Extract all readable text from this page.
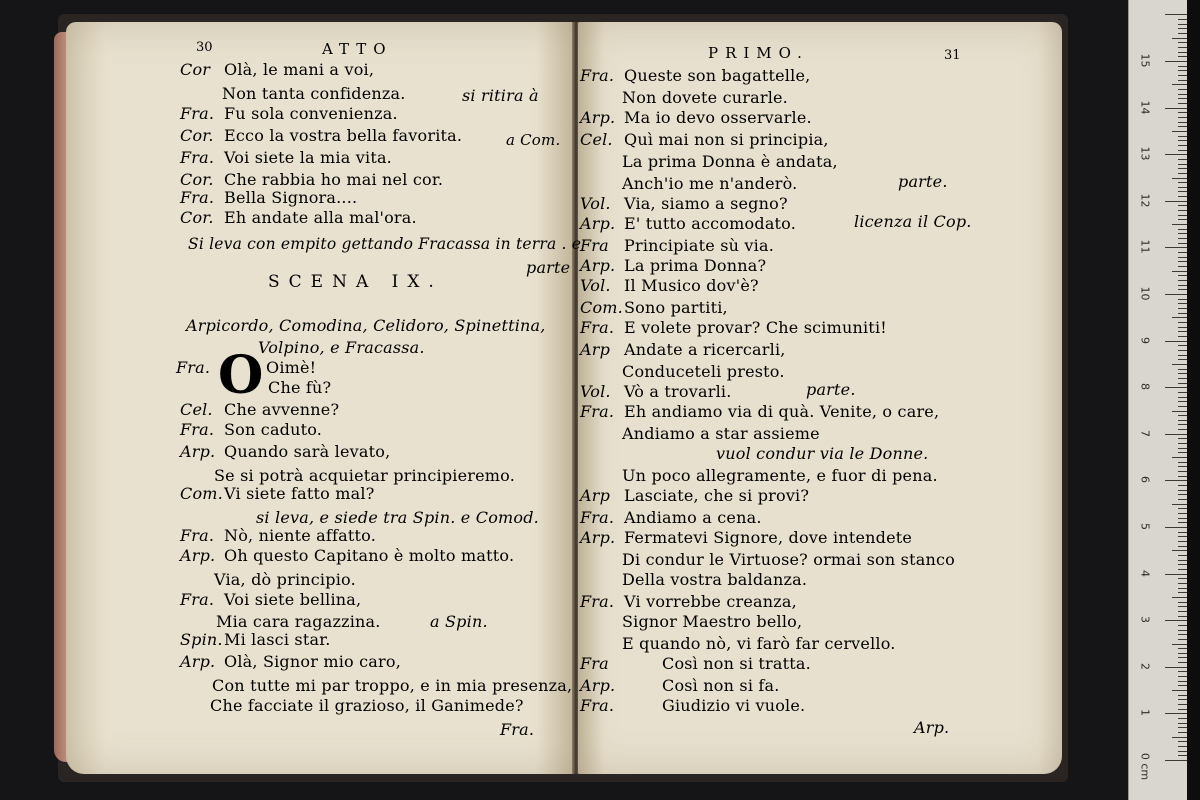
30	ATTO
Cor Olà, le mani a voi,
Non tanta confidenza.
Fra. Fu sola convenienza.
Cor. Ecco la vostra bella favorita.
Fra. Voi siete la mia vita.
Cor. Che rabbia ho mai nel cor.
Fra. Bella Signora....
Cor. Eh andate alla mal'ora.
si ritira à
a Com.
Si leva con empito gettando Fracassa in terra . e
parte
SCENA IX.
Arpicordo, Comodina, Celidoro, Spinettina,
Volpino, e Fracassa.
O
Fra.	Oimè!
Che fù?
Cel. Che avvenne?
Fra. Son caduto.
Arp. Quando sarà levato,
Se si potrà acquietar principieremo.
Com.Vi siete fatto mal?
si leva, e siede tra Spin. e Comod.
Fra. Nò, niente affatto.
Arp. Oh questo Capitano è molto matto.
Via, dò principio.
Fra. Voi siete bellina,
Mia cara ragazzina.
Spin.Mi lasci star.
Arp. Olà, Signor mio caro,
Con tutte mi par troppo, e in mia presenza,
Che facciate il grazioso, il Ganimede?
a Spin.
Fra.
PRIMO.	31
Fra. Queste son bagattelle,
Non dovete curarle.
Arp. Ma io devo osservarle.
Cel. Quì mai non si principia,
La prima Donna è andata,
Anch'io me n'anderò.
Vol. Via, siamo a segno?
Arp. E' tutto accomodato.
Fra Principiate sù via.
Arp. La prima Donna?
Vol. Il Musico dov'è?
Com.Sono partiti,
Fra. E volete provar? Che scimuniti!
Arp Andate a ricercarli,
Conduceteli presto.
Vol. Vò a trovarli.
Fra. Eh andiamo via di quà. Venite, o care,
Andiamo a star assieme
vuol condur via le Donne.
Un poco allegramente, e fuor di pena.
Arp Lasciate, che si provi?
Fra. Andiamo a cena.
Arp. Fermatevi Signore, dove intendete
Di condur le Virtuose? ormai son stanco
Della vostra baldanza.
Fra. Vi vorrebbe creanza,
Signor Maestro bello,
E quando nò, vi farò far cervello.
Fra	Così non si tratta.
Arp.	Così non si fa.
Fra.	Giudizio vi vuole.
parte.
licenza il Cop.
parte.
Arp.
0 cm
1
2
3
4
5
6
7
8
9
10
11
12
13
14
15
